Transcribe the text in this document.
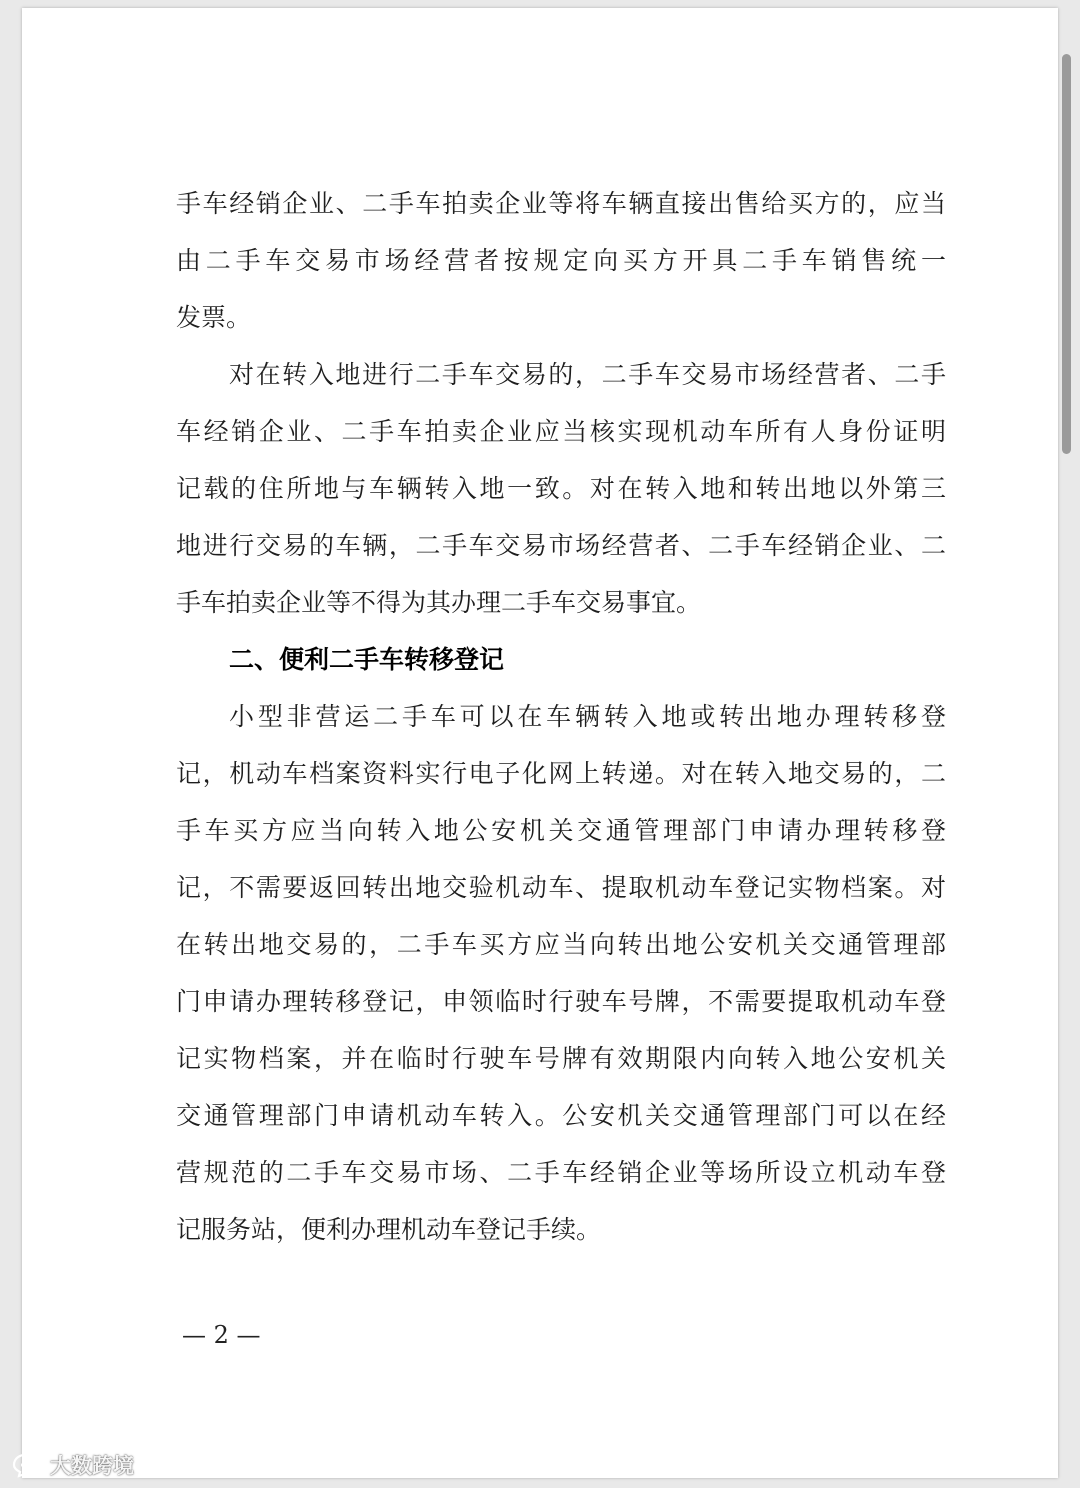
手车经销企业、二手车拍卖企业等将车辆直接出售给买方的，应当
由二手车交易市场经营者按规定向买方开具二手车销售统一
发票。
对在转入地进行二手车交易的，二手车交易市场经营者、二手
车经销企业、二手车拍卖企业应当核实现机动车所有人身份证明
记载的住所地与车辆转入地一致。对在转入地和转出地以外第三
地进行交易的车辆，二手车交易市场经营者、二手车经销企业、二
手车拍卖企业等不得为其办理二手车交易事宜。
二、便利二手车转移登记
小型非营运二手车可以在车辆转入地或转出地办理转移登
记，机动车档案资料实行电子化网上转递。对在转入地交易的，二
手车买方应当向转入地公安机关交通管理部门申请办理转移登
记，不需要返回转出地交验机动车、提取机动车登记实物档案。对
在转出地交易的，二手车买方应当向转出地公安机关交通管理部
门申请办理转移登记，申领临时行驶车号牌，不需要提取机动车登
记实物档案，并在临时行驶车号牌有效期限内向转入地公安机关
交通管理部门申请机动车转入。公安机关交通管理部门可以在经
营规范的二手车交易市场、二手车经销企业等场所设立机动车登
记服务站，便利办理机动车登记手续。
— 2 —
大数跨境
